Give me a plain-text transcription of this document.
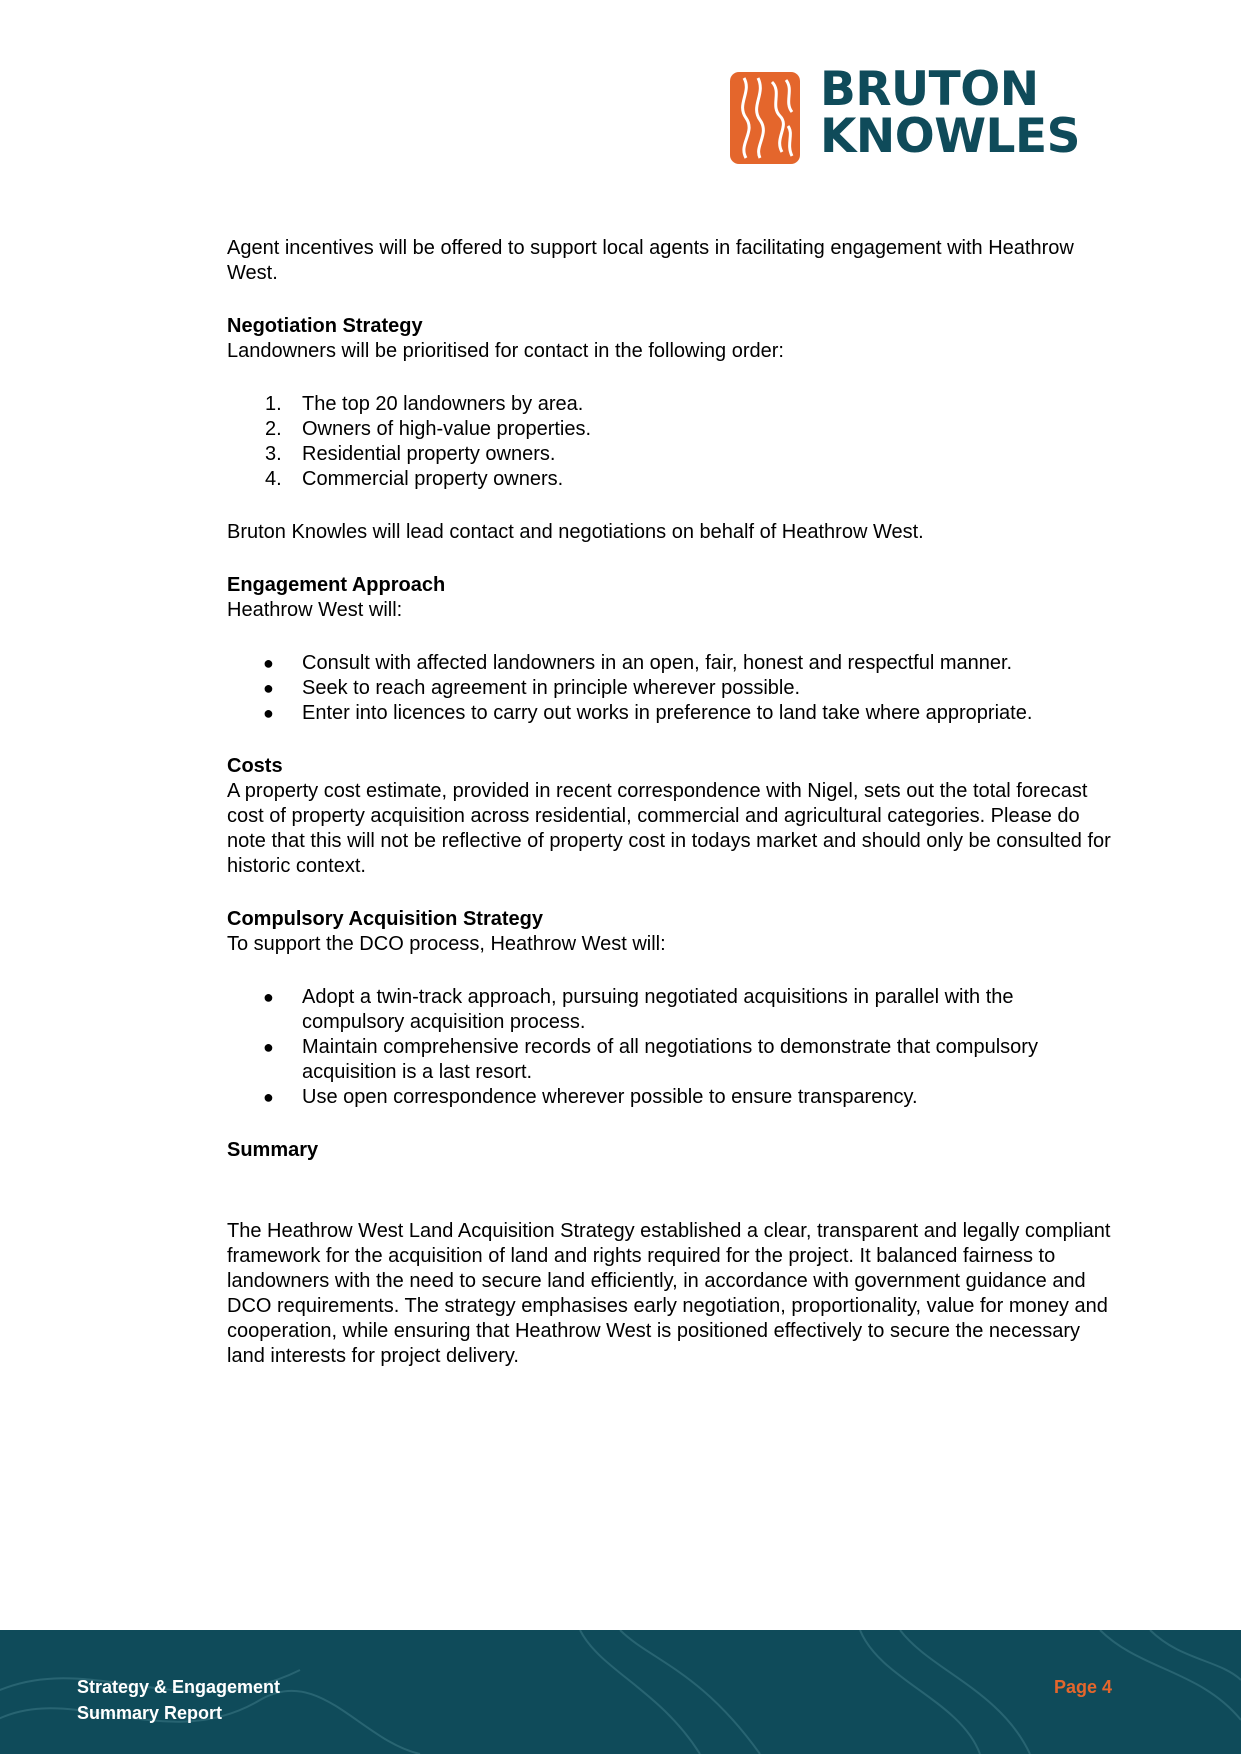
BRUTON
KNOWLES

Agent incentives will be offered to support local agents in facilitating engagement with Heathrow West.

Negotiation Strategy

Landowners will be prioritised for contact in the following order:

1. The top 20 landowners by area.
2. Owners of high-value properties.
3. Residential property owners.
4. Commercial property owners.

Bruton Knowles will lead contact and negotiations on behalf of Heathrow West.

Engagement Approach

Heathrow West will:

● Consult with affected landowners in an open, fair, honest and respectful manner.
● Seek to reach agreement in principle wherever possible.
● Enter into licences to carry out works in preference to land take where appropriate.

Costs

A property cost estimate, provided in recent correspondence with Nigel, sets out the total forecast cost of property acquisition across residential, commercial and agricultural categories. Please do note that this will not be reflective of property cost in todays market and should only be consulted for historic context.

Compulsory Acquisition Strategy

To support the DCO process, Heathrow West will:

● Adopt a twin-track approach, pursuing negotiated acquisitions in parallel with the compulsory acquisition process.
● Maintain comprehensive records of all negotiations to demonstrate that compulsory acquisition is a last resort.
● Use open correspondence wherever possible to ensure transparency.

Summary

The Heathrow West Land Acquisition Strategy established a clear, transparent and legally compliant framework for the acquisition of land and rights required for the project. It balanced fairness to landowners with the need to secure land efficiently, in accordance with government guidance and DCO requirements. The strategy emphasises early negotiation, proportionality, value for money and cooperation, while ensuring that Heathrow West is positioned effectively to secure the necessary land interests for project delivery.

Strategy & Engagement
Summary Report
Page 4
